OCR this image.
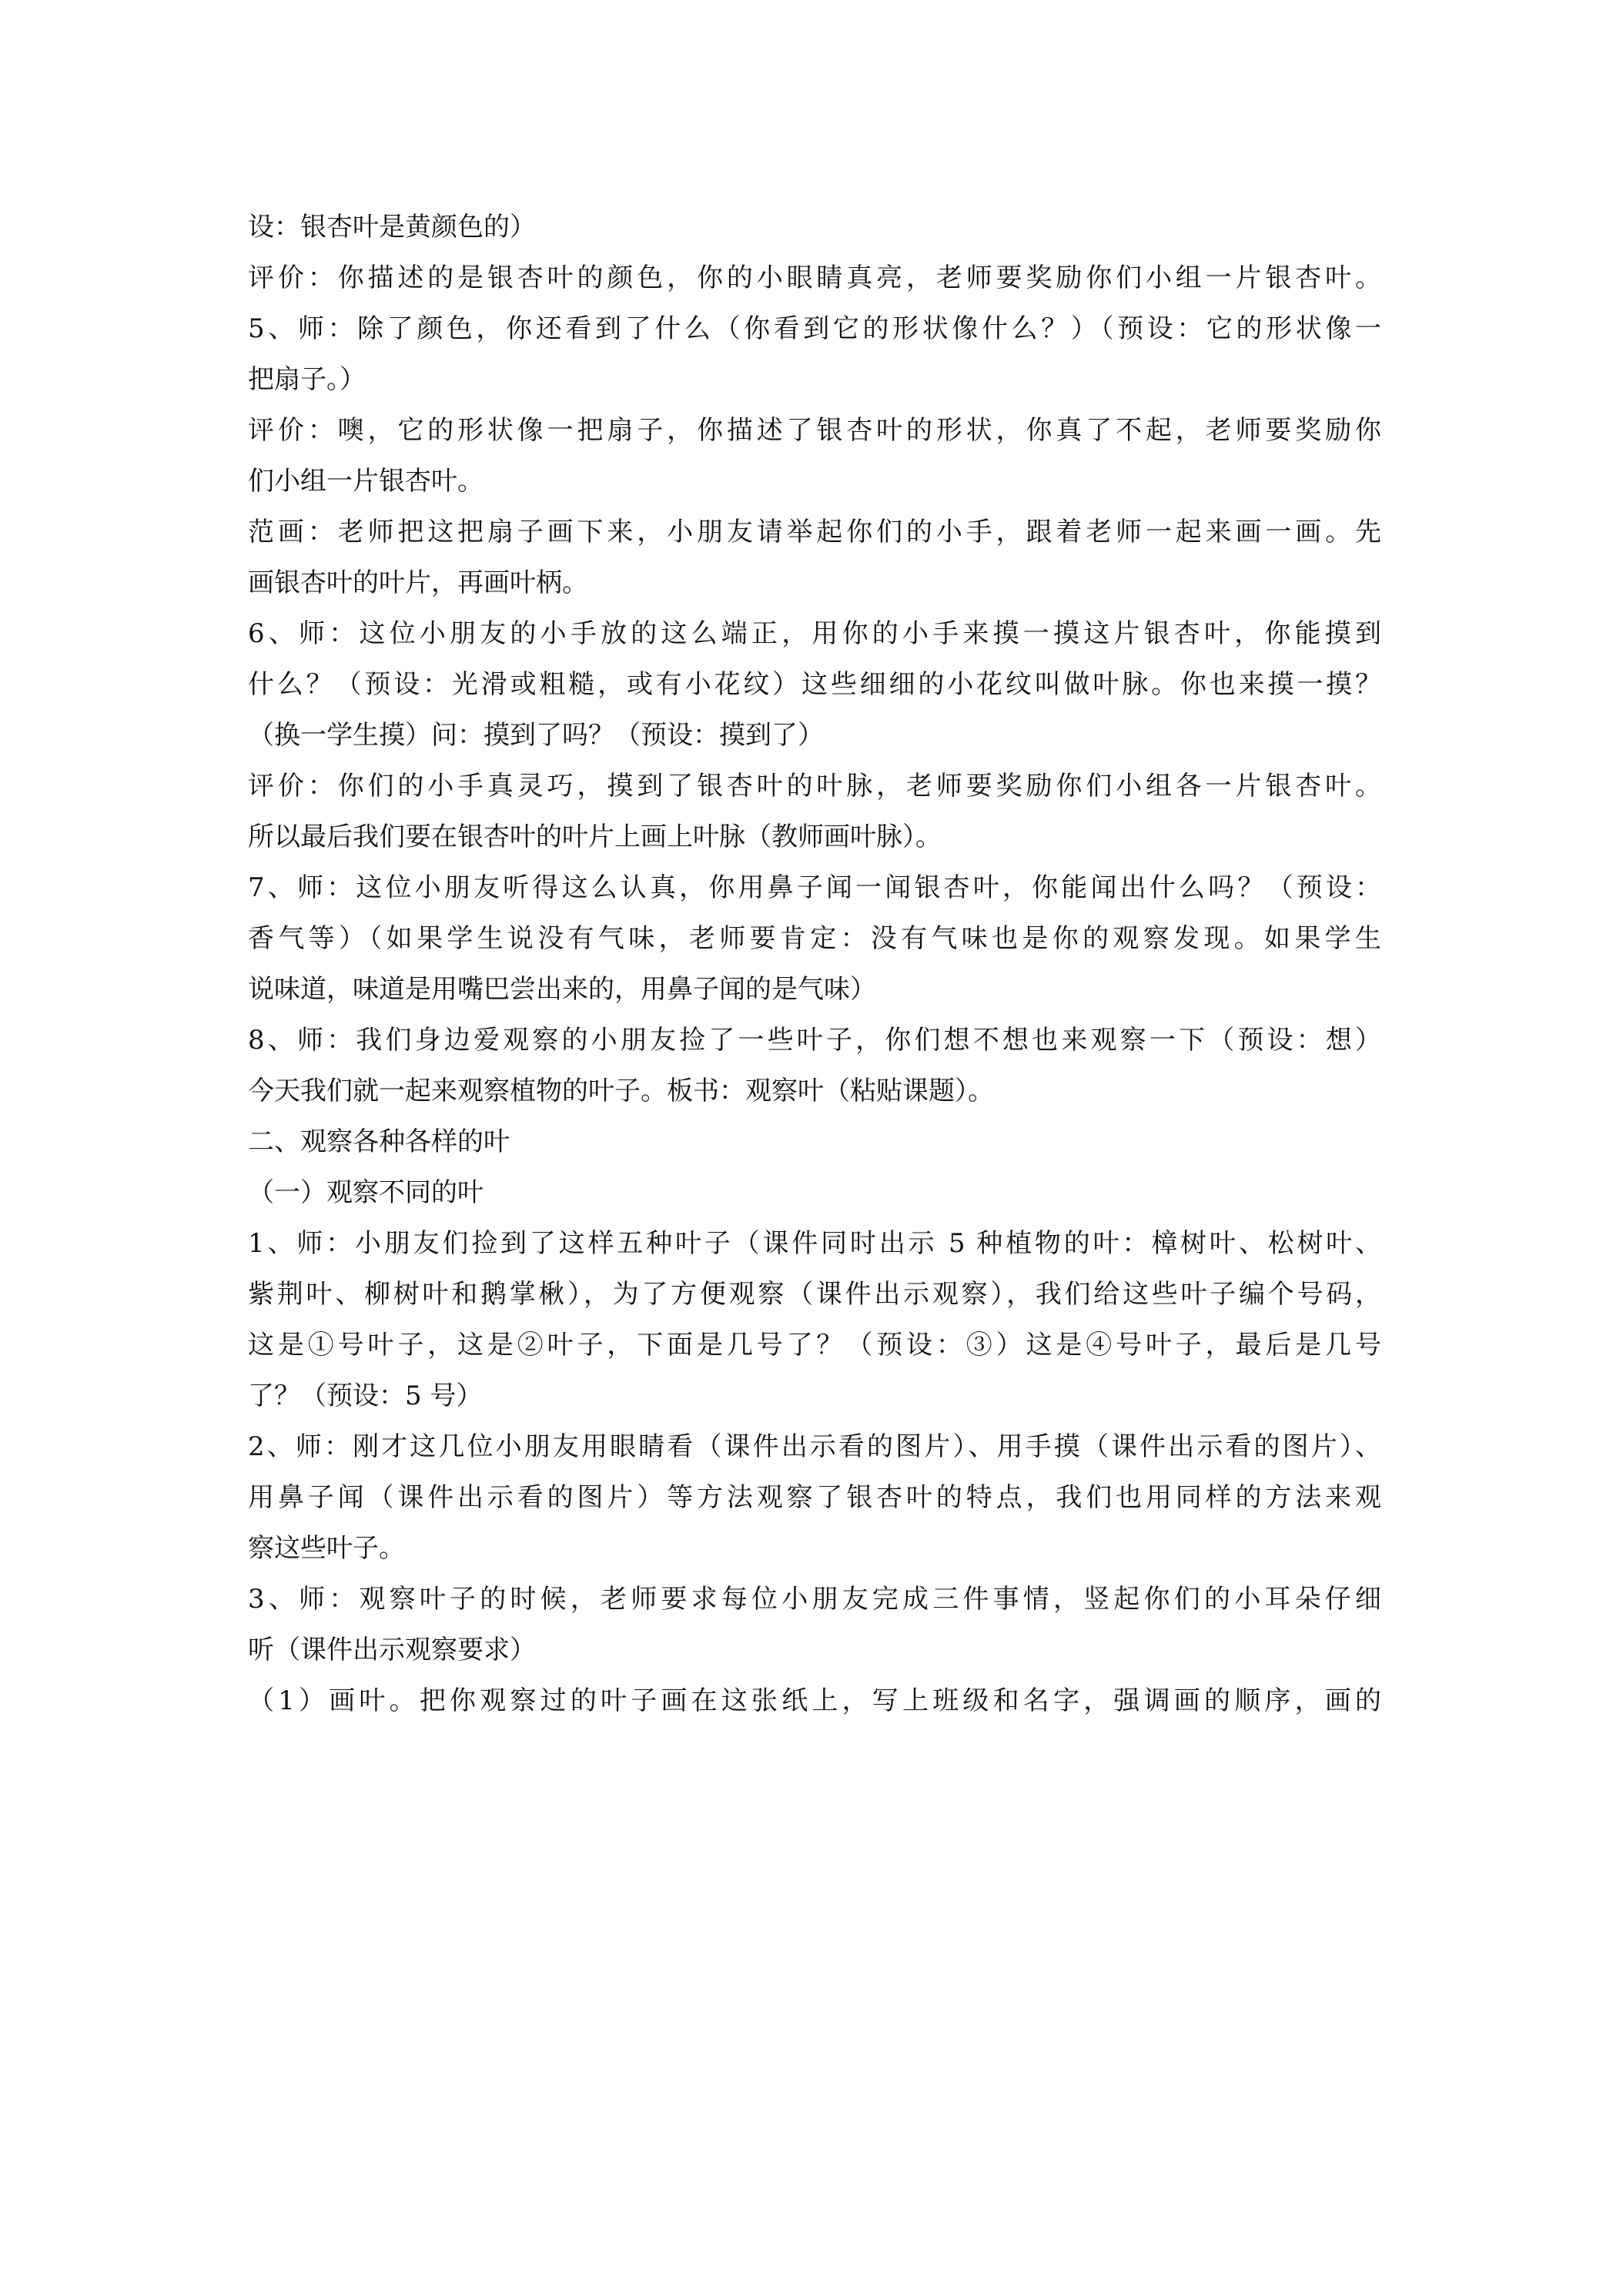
设：银杏叶是黄颜色的）
评价：你描述的是银杏叶的颜色，你的小眼睛真亮，老师要奖励你们小组一片银杏叶。
5、师：除了颜色，你还看到了什么（你看到它的形状像什么？）（预设：它的形状像一
把扇子。）
评价：噢，它的形状像一把扇子，你描述了银杏叶的形状，你真了不起，老师要奖励你
们小组一片银杏叶。
范画：老师把这把扇子画下来，小朋友请举起你们的小手，跟着老师一起来画一画。先
画银杏叶的叶片，再画叶柄。
6、师：这位小朋友的小手放的这么端正，用你的小手来摸一摸这片银杏叶，你能摸到
什么？（预设：光滑或粗糙，或有小花纹）这些细细的小花纹叫做叶脉。你也来摸一摸？
（换一学生摸）问：摸到了吗？（预设：摸到了）
评价：你们的小手真灵巧，摸到了银杏叶的叶脉，老师要奖励你们小组各一片银杏叶。
所以最后我们要在银杏叶的叶片上画上叶脉（教师画叶脉）。
7、师：这位小朋友听得这么认真，你用鼻子闻一闻银杏叶，你能闻出什么吗？（预设：
香气等）（如果学生说没有气味，老师要肯定：没有气味也是你的观察发现。如果学生
说味道，味道是用嘴巴尝出来的，用鼻子闻的是气味）
8、师：我们身边爱观察的小朋友捡了一些叶子，你们想不想也来观察一下（预设：想）
今天我们就一起来观察植物的叶子。板书：观察叶（粘贴课题）。
二、观察各种各样的叶
（一）观察不同的叶
1、师：小朋友们捡到了这样五种叶子（课件同时出示 5 种植物的叶：樟树叶、松树叶、
紫荆叶、柳树叶和鹅掌楸），为了方便观察（课件出示观察），我们给这些叶子编个号码，
这是①号叶子，这是②叶子，下面是几号了？（预设：③）这是④号叶子，最后是几号
了？（预设：5 号）
2、师：刚才这几位小朋友用眼睛看（课件出示看的图片）、用手摸（课件出示看的图片）、
用鼻子闻（课件出示看的图片）等方法观察了银杏叶的特点，我们也用同样的方法来观
察这些叶子。
3、师：观察叶子的时候，老师要求每位小朋友完成三件事情，竖起你们的小耳朵仔细
听（课件出示观察要求）
（1）画叶。把你观察过的叶子画在这张纸上，写上班级和名字，强调画的顺序，画的
